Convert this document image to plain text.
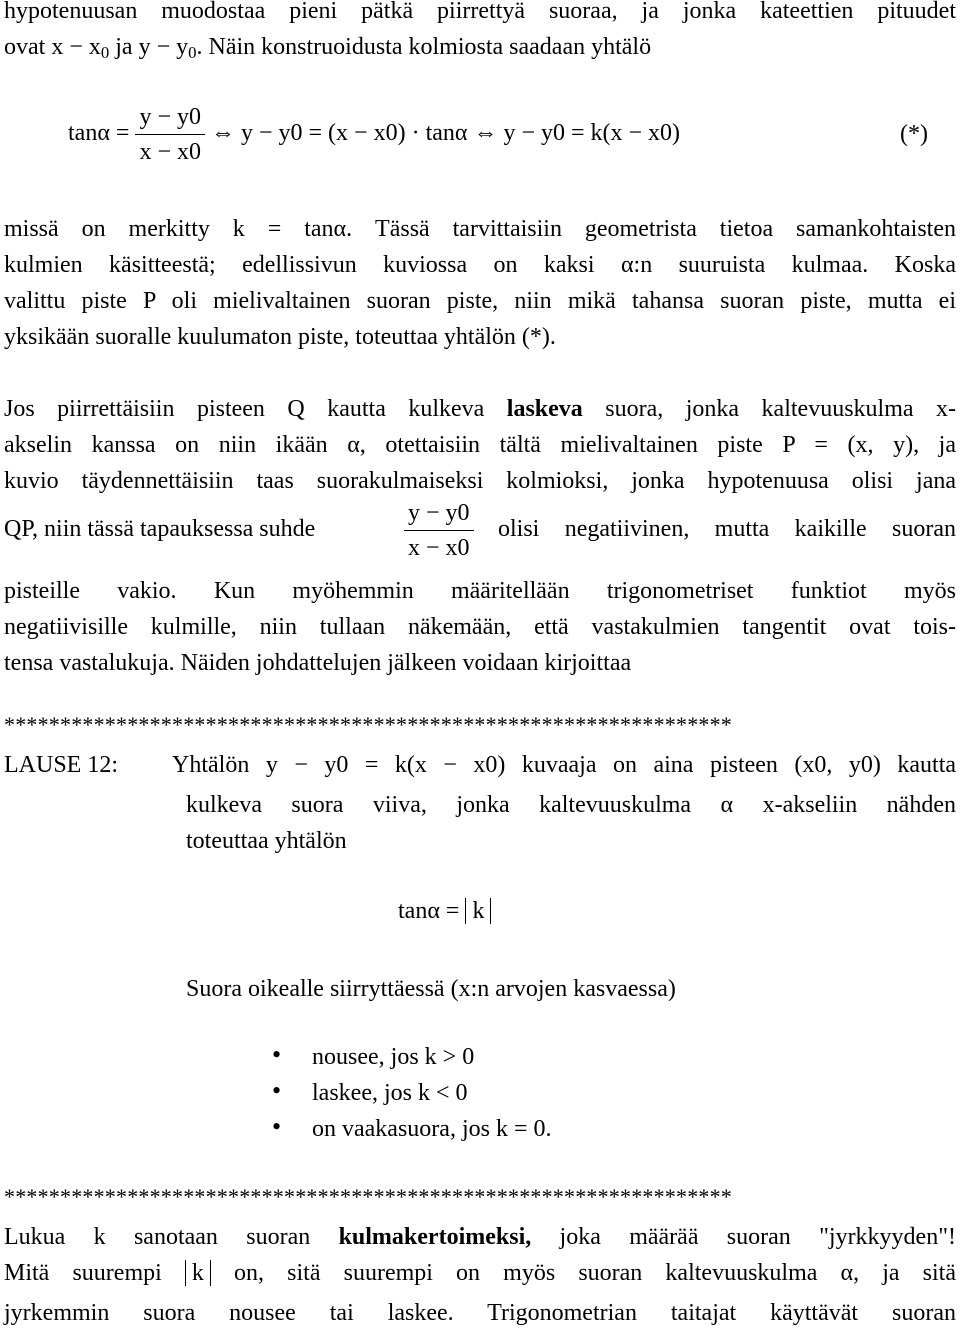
hypotenuusan muodostaa pieni pätkä piirrettyä suoraa, ja jonka kateettien pituudet
ovat $x - x_0$ ja $y - y_0$. Näin konstruoidusta kolmiosta saadaan yhtälö
$\tan\alpha = \frac{y - y0}{x - x0}$ ⇔ y − y0 = (x − x0) · tanα ⇔ y − y0 = k(x − x0)	(*)
missä on merkitty k = tanα. Tässä tarvittaisiin geometrista tietoa samankohtaisten
kulmien käsitteestä; edellissivun kuviossa on kaksi α:n suuruista kulmaa. Koska
valittu piste P oli mielivaltainen suoran piste, niin mikä tahansa suoran piste, mutta ei
yksikään suoralle kuulumaton piste, toteuttaa yhtälön (*).
Jos piirrettäisiin pisteen Q kautta kulkeva laskeva suora, jonka kaltevuuskulma x-
akselin kanssa on niin ikään α, otettaisiin tältä mielivaltainen piste P = (x, y), ja
kuvio täydennettäisiin taas suorakulmaiseksi kolmioksi, jonka hypotenuusa olisi jana
QP, niin tässä tapauksessa suhde	$\frac{y - y0}{x - x0}$ olisi negatiivinen, mutta kaikille suoran
pisteille vakio. Kun myöhemmin määritellään trigonometriset funktiot myös
negatiivisille kulmille, niin tullaan näkemään, että vastakulmien tangentit ovat tois-
tensa vastalukuja. Näiden johdattelujen jälkeen voidaan kirjoittaa
*****************************************************************
LAUSE 12:	Yhtälön y − y0 = k(x − x0) kuvaaja on aina pisteen (x0, y0) kautta
kulkeva suora viiva, jonka kaltevuuskulma α x-akseliin nähden
toteuttaa yhtälön
tanα = k
Suora oikealle siirryttäessä (x:n arvojen kasvaessa)
• nousee, jos k > 0
• laskee, jos k < 0
• on vaakasuora, jos k = 0.
*****************************************************************
Lukua k sanotaan suoran kulmakertoimeksi, joka määrää suoran "jyrkkyyden"!
Mitä suurempi k on, sitä suurempi on myös suoran kaltevuuskulma α, ja sitä
jyrkemmin suora nousee tai laskee. Trigonometrian taitajat käyttävät suoran
